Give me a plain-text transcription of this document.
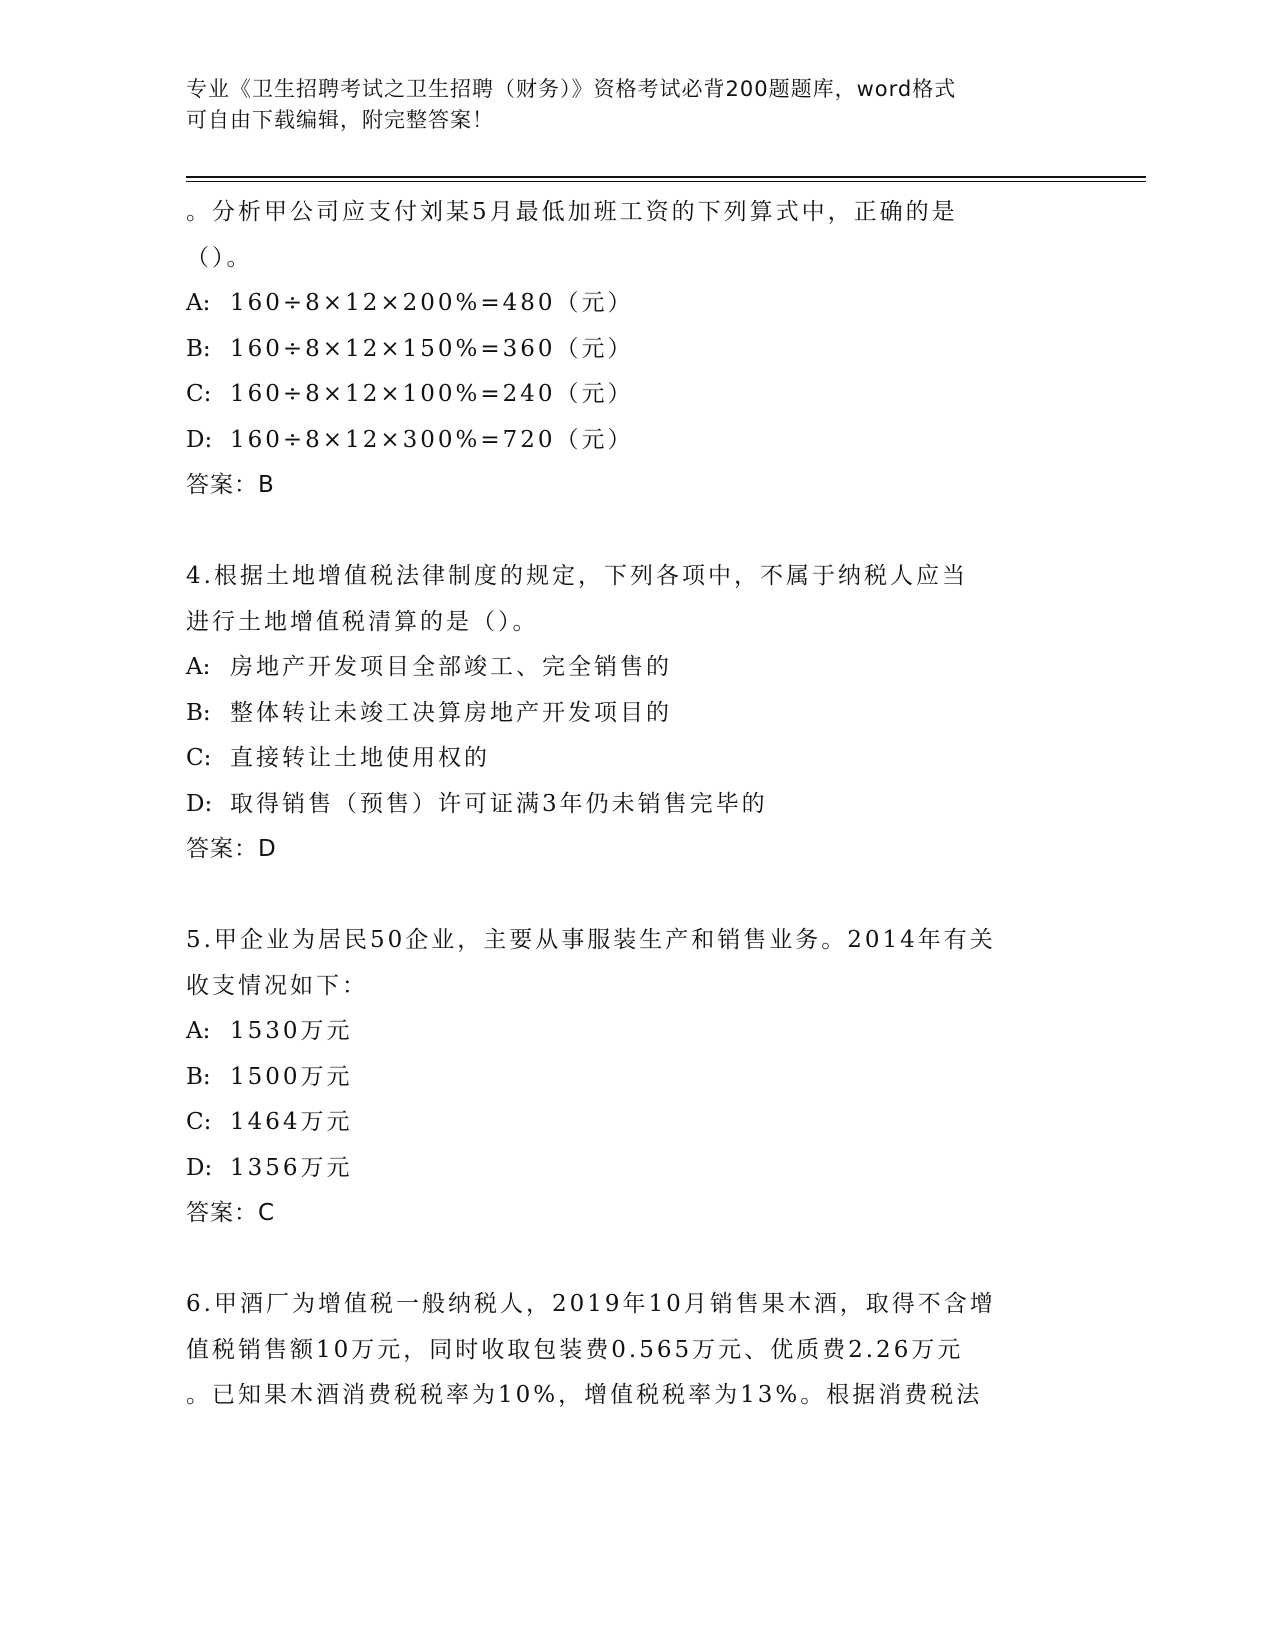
专业《卫生招聘考试之卫生招聘（财务）》资格考试必背200题题库，word格式
可自由下载编辑，附完整答案！
。分析甲公司应支付刘某5月最低加班工资的下列算式中，正确的是
（）。
A: 160÷8×12×200%=480（元）
B: 160÷8×12×150%=360（元）
C: 160÷8×12×100%=240（元）
D: 160÷8×12×300%=720（元）
答案：B
4.根据土地增值税法律制度的规定，下列各项中，不属于纳税人应当
进行土地增值税清算的是（）。
A: 房地产开发项目全部竣工、完全销售的
B: 整体转让未竣工决算房地产开发项目的
C: 直接转让土地使用权的
D: 取得销售（预售）许可证满3年仍未销售完毕的
答案：D
5.甲企业为居民50企业，主要从事服装生产和销售业务。2014年有关
收支情况如下：
A: 1530万元
B: 1500万元
C: 1464万元
D: 1356万元
答案：C
6.甲酒厂为增值税一般纳税人，2019年10月销售果木酒，取得不含增
值税销售额10万元，同时收取包装费0.565万元、优质费2.26万元
。已知果木酒消费税税率为10%，增值税税率为13%。根据消费税法
